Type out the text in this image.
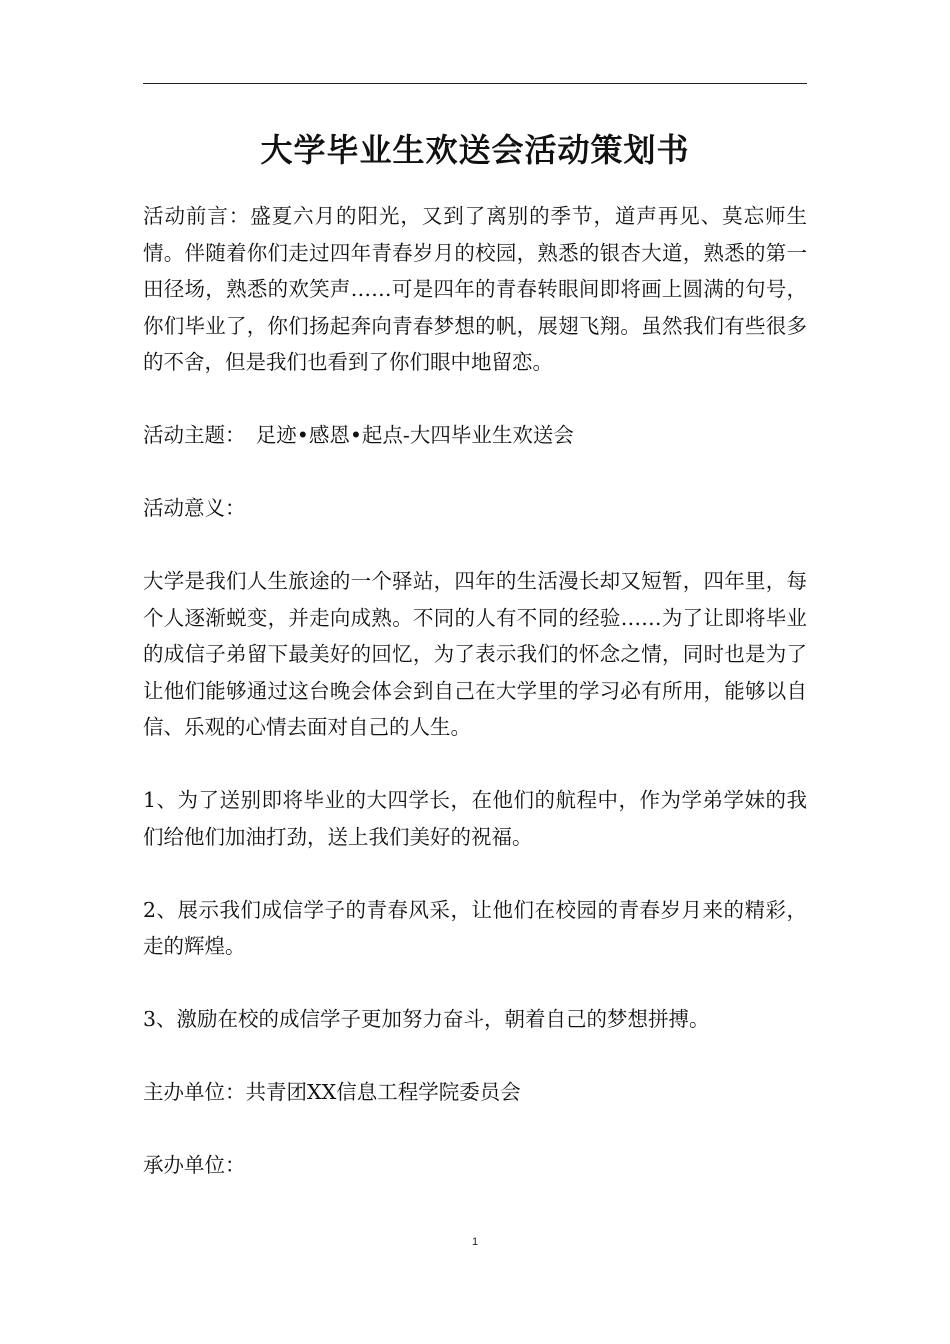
大学毕业生欢送会活动策划书

活动前言：盛夏六月的阳光，又到了离别的季节，道声再见、莫忘师生情。伴随着你们走过四年青春岁月的校园，熟悉的银杏大道，熟悉的第一田径场，熟悉的欢笑声……可是四年的青春转眼间即将画上圆满的句号，你们毕业了，你们扬起奔向青春梦想的帆，展翅飞翔。虽然我们有些很多的不舍，但是我们也看到了你们眼中地留恋。

活动主题：　足迹•感恩•起点-大四毕业生欢送会

活动意义：

大学是我们人生旅途的一个驿站，四年的生活漫长却又短暂，四年里，每个人逐渐蜕变，并走向成熟。不同的人有不同的经验……为了让即将毕业的成信子弟留下最美好的回忆，为了表示我们的怀念之情，同时也是为了让他们能够通过这台晚会体会到自己在大学里的学习必有所用，能够以自信、乐观的心情去面对自己的人生。

1、为了送别即将毕业的大四学长，在他们的航程中，作为学弟学妹的我们给他们加油打劲，送上我们美好的祝福。

2、展示我们成信学子的青春风采，让他们在校园的青春岁月来的精彩，走的辉煌。

3、激励在校的成信学子更加努力奋斗，朝着自己的梦想拼搏。

主办单位：共青团XX信息工程学院委员会

承办单位：

1
